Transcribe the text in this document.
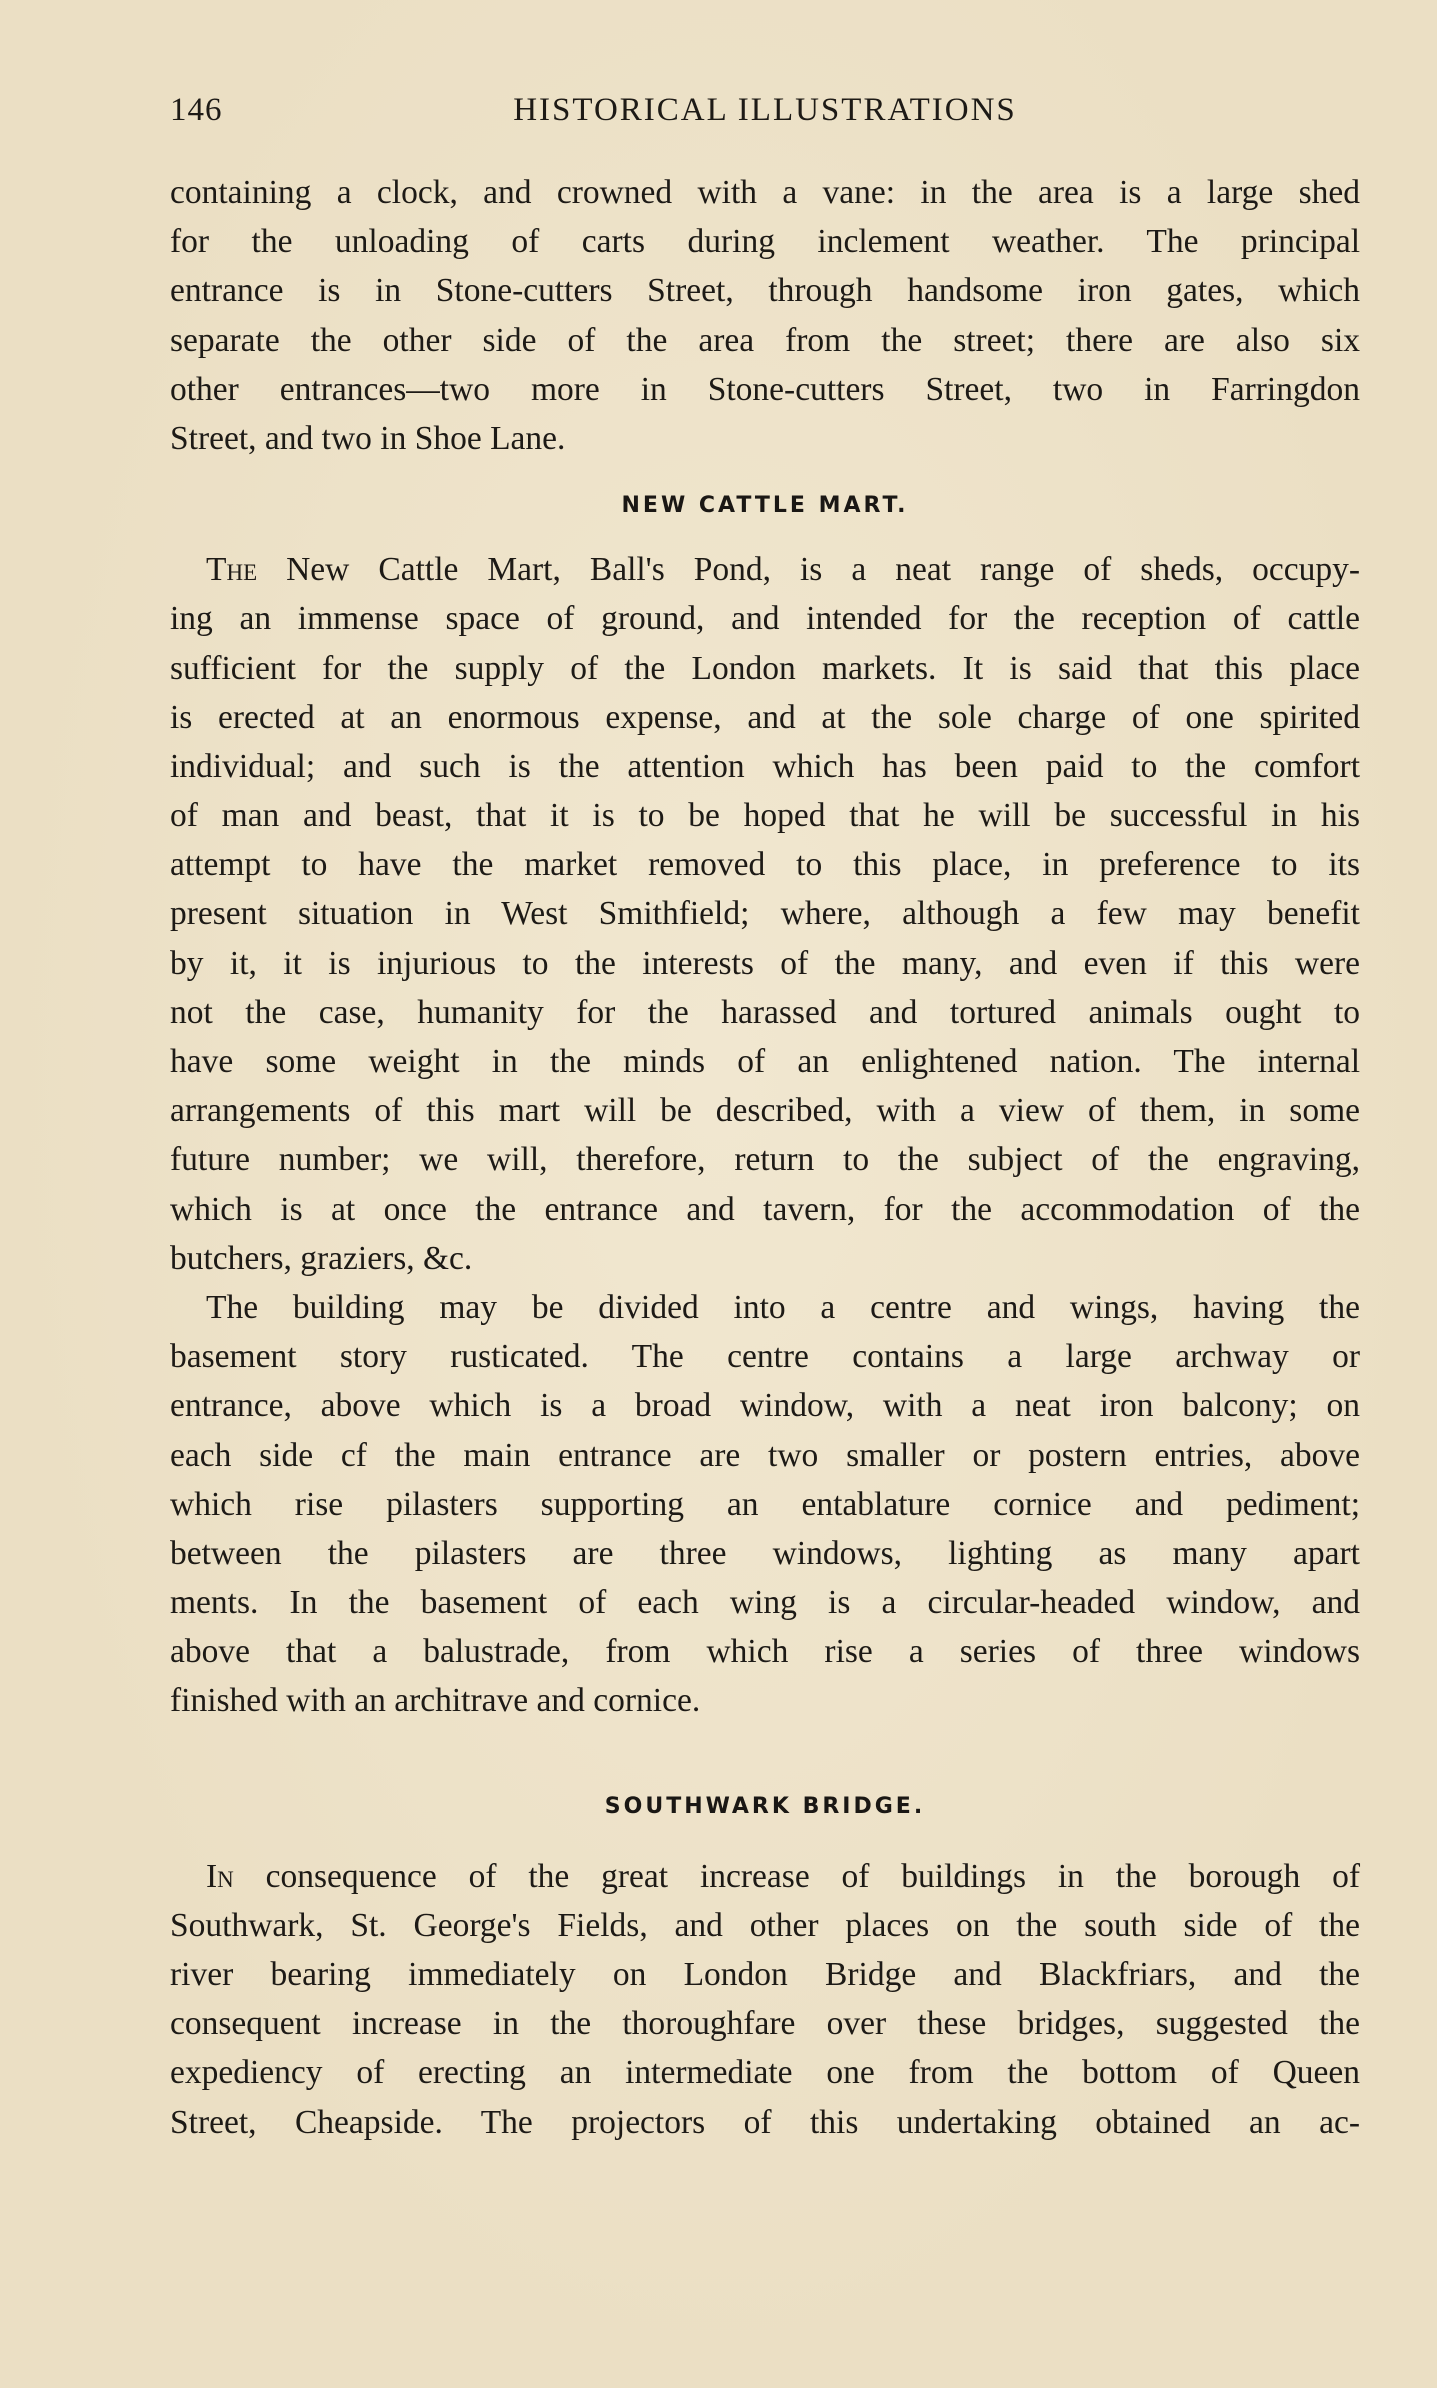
146	HISTORICAL ILLUSTRATIONS
containing a clock, and crowned with a vane: in the area is a large shed
for the unloading of carts during inclement weather. The principal
entrance is in Stone-cutters Street, through handsome iron gates, which
separate the other side of the area from the street; there are also six
other entrances—two more in Stone-cutters Street, two in Farringdon
Street, and two in Shoe Lane.
NEW CATTLE MART.
The New Cattle Mart, Ball's Pond, is a neat range of sheds, occupy-
ing an immense space of ground, and intended for the reception of cattle
sufficient for the supply of the London markets. It is said that this place
is erected at an enormous expense, and at the sole charge of one spirited
individual; and such is the attention which has been paid to the comfort
of man and beast, that it is to be hoped that he will be successful in his
attempt to have the market removed to this place, in preference to its
present situation in West Smithfield; where, although a few may benefit
by it, it is injurious to the interests of the many, and even if this were
not the case, humanity for the harassed and tortured animals ought to
have some weight in the minds of an enlightened nation. The internal
arrangements of this mart will be described, with a view of them, in some
future number; we will, therefore, return to the subject of the engraving,
which is at once the entrance and tavern, for the accommodation of the
butchers, graziers, &c.
The building may be divided into a centre and wings, having the
basement story rusticated. The centre contains a large archway or
entrance, above which is a broad window, with a neat iron balcony; on
each side cf the main entrance are two smaller or postern entries, above
which rise pilasters supporting an entablature cornice and pediment;
between the pilasters are three windows, lighting as many apart
ments. In the basement of each wing is a circular-headed window, and
above that a balustrade, from which rise a series of three windows
finished with an architrave and cornice.
SOUTHWARK BRIDGE.
In consequence of the great increase of buildings in the borough of
Southwark, St. George's Fields, and other places on the south side of the
river bearing immediately on London Bridge and Blackfriars, and the
consequent increase in the thoroughfare over these bridges, suggested the
expediency of erecting an intermediate one from the bottom of Queen
Street, Cheapside. The projectors of this undertaking obtained an ac-
